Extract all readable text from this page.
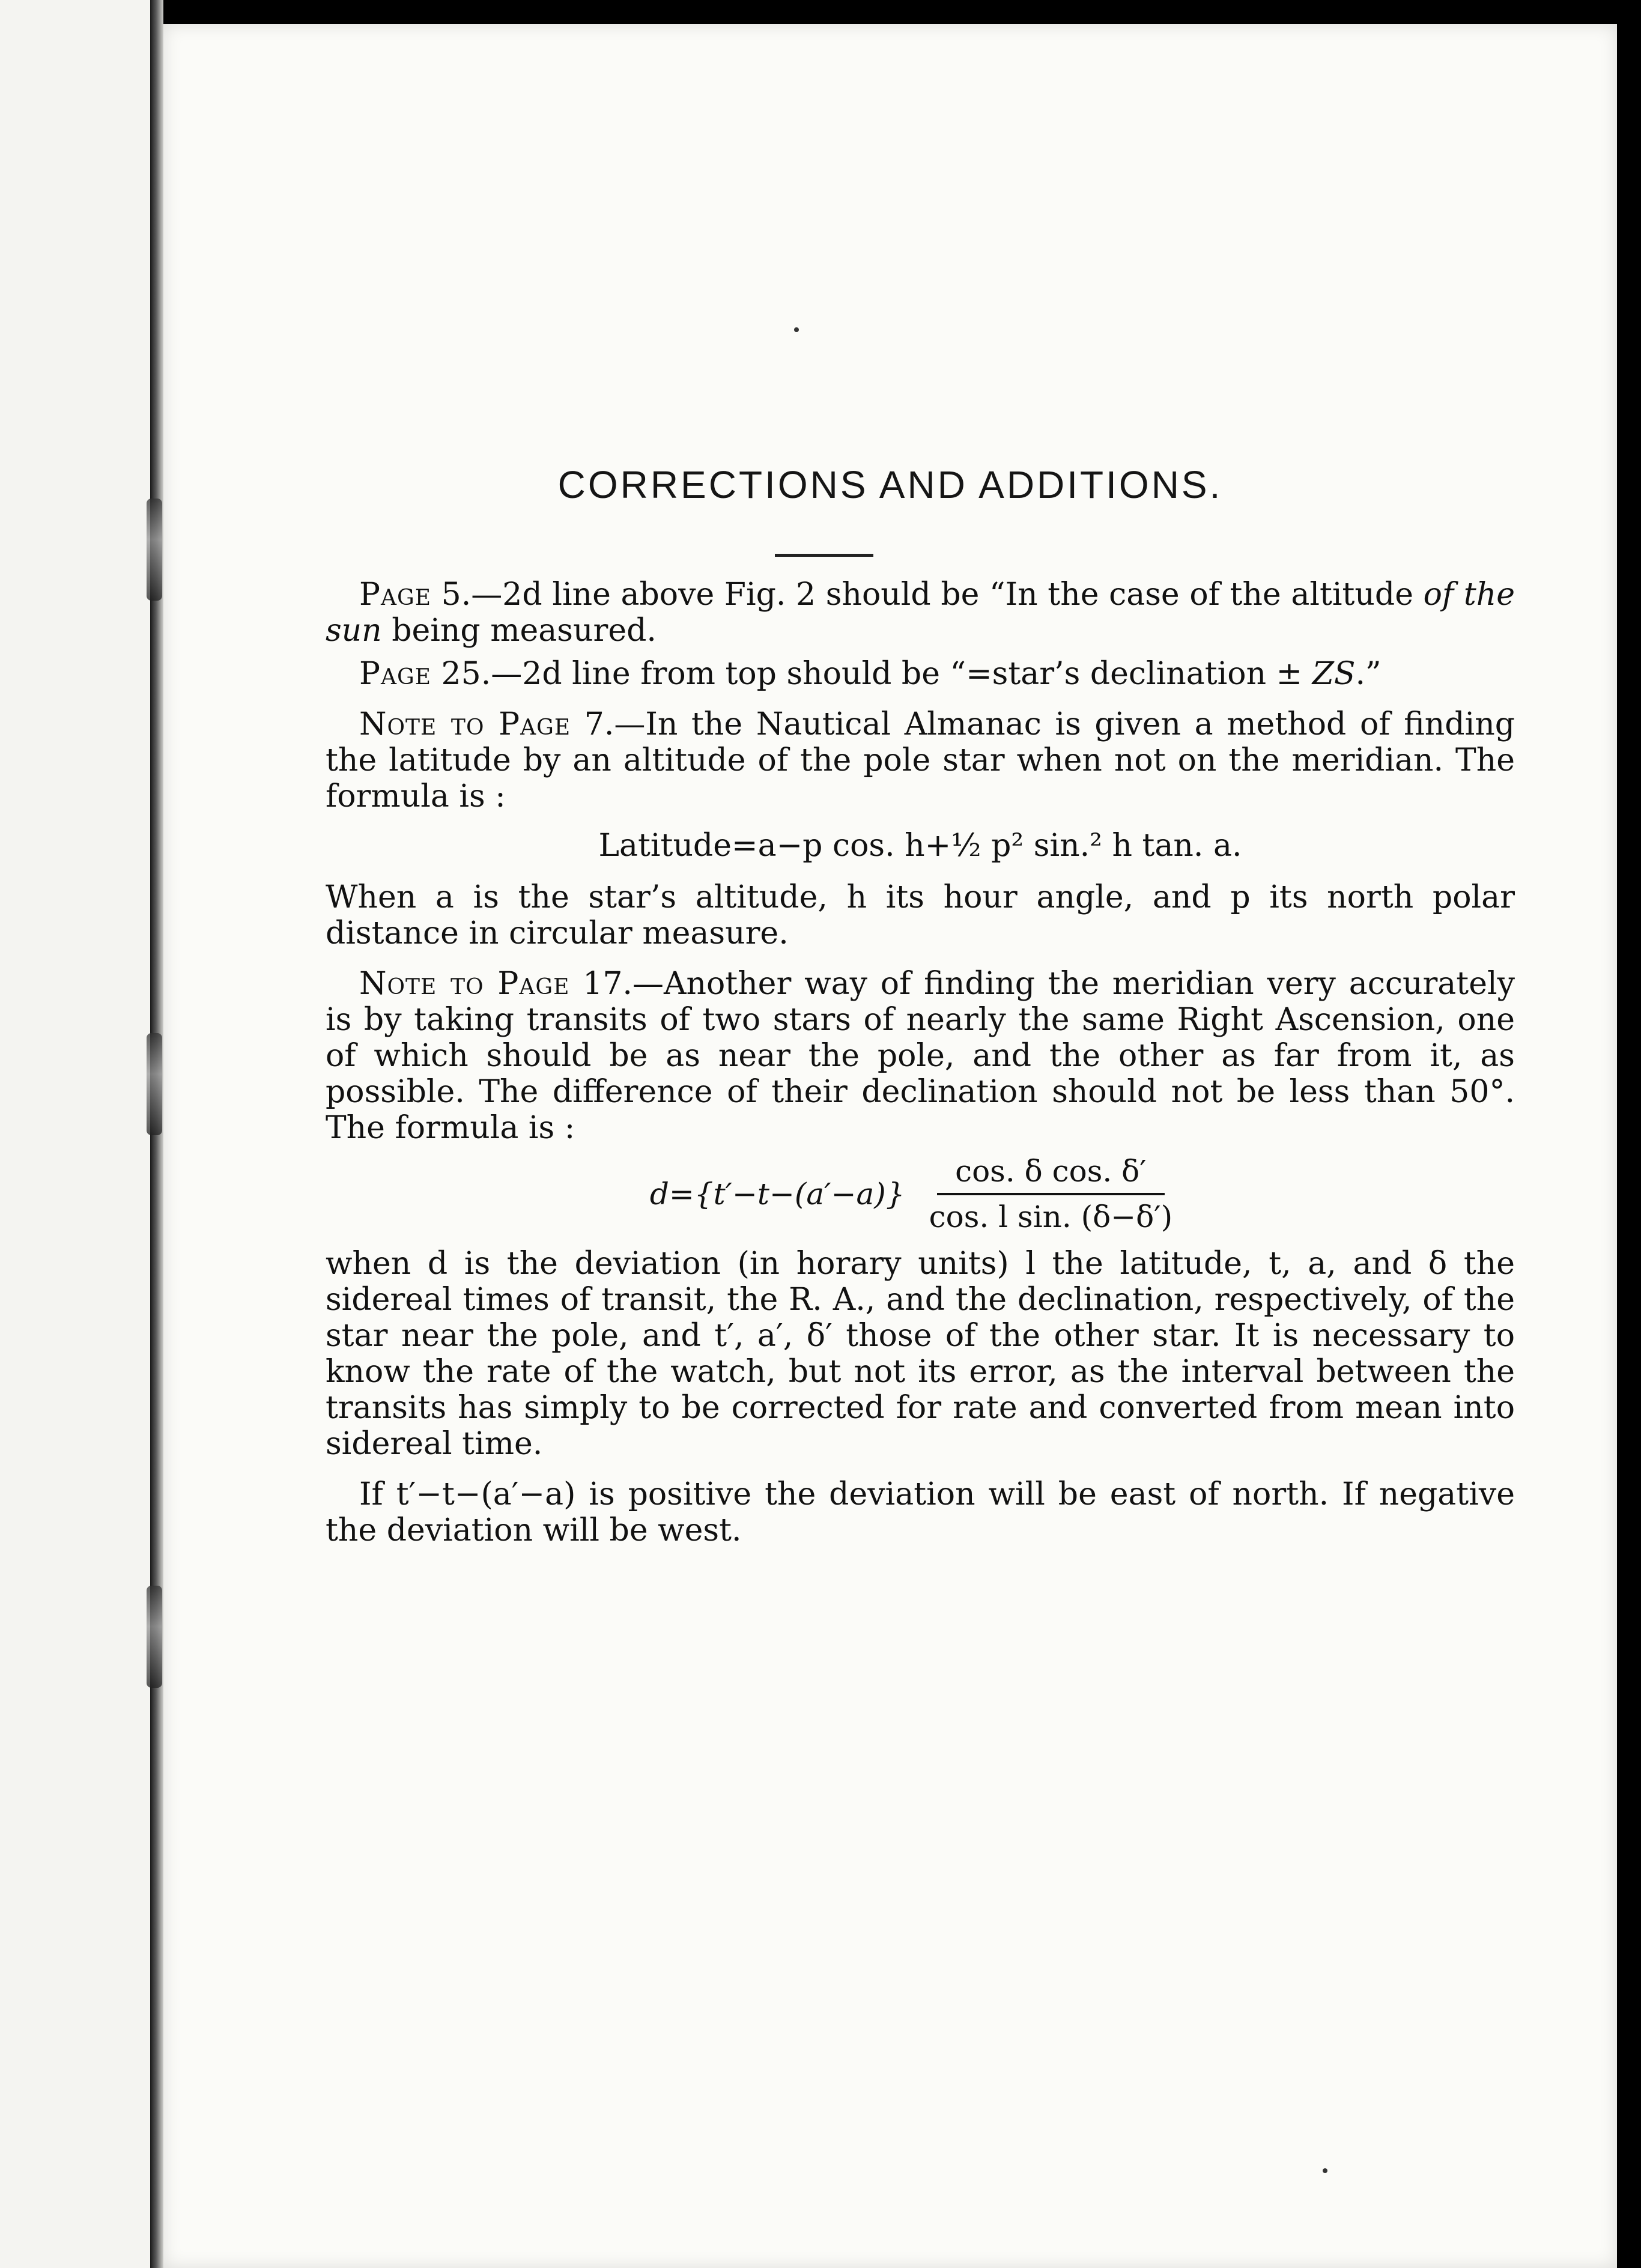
CORRECTIONS AND ADDITIONS.

Page 5.—2d line above Fig. 2 should be “In the case of the altitude of the sun being measured.

Page 25.—2d line from top should be “=star’s declination ± ZS.”

Note to Page 7.—In the Nautical Almanac is given a method of finding the latitude by an altitude of the pole star when not on the meridian. The formula is :

Latitude=a−p cos. h+½ p² sin.² h tan. a.

When a is the star’s altitude, h its hour angle, and p its north polar distance in circular measure.

Note to Page 17.—Another way of finding the meridian very accurately is by taking transits of two stars of nearly the same Right Ascension, one of which should be as near the pole, and the other as far from it, as possible. The difference of their declination should not be less than 50°. The formula is :

$d=\{t'-t-(a'-a)\} \frac{\text{cos. δ cos. δ′}}{\text{cos. l sin. (δ−δ′)}}$

when d is the deviation (in horary units) l the latitude, t, a, and δ the sidereal times of transit, the R. A., and the declination, respectively, of the star near the pole, and t′, a′, δ′ those of the other star. It is necessary to know the rate of the watch, but not its error, as the interval between the transits has simply to be corrected for rate and converted from mean into sidereal time.

If t′−t−(a′−a) is positive the deviation will be east of north. If negative the deviation will be west.
